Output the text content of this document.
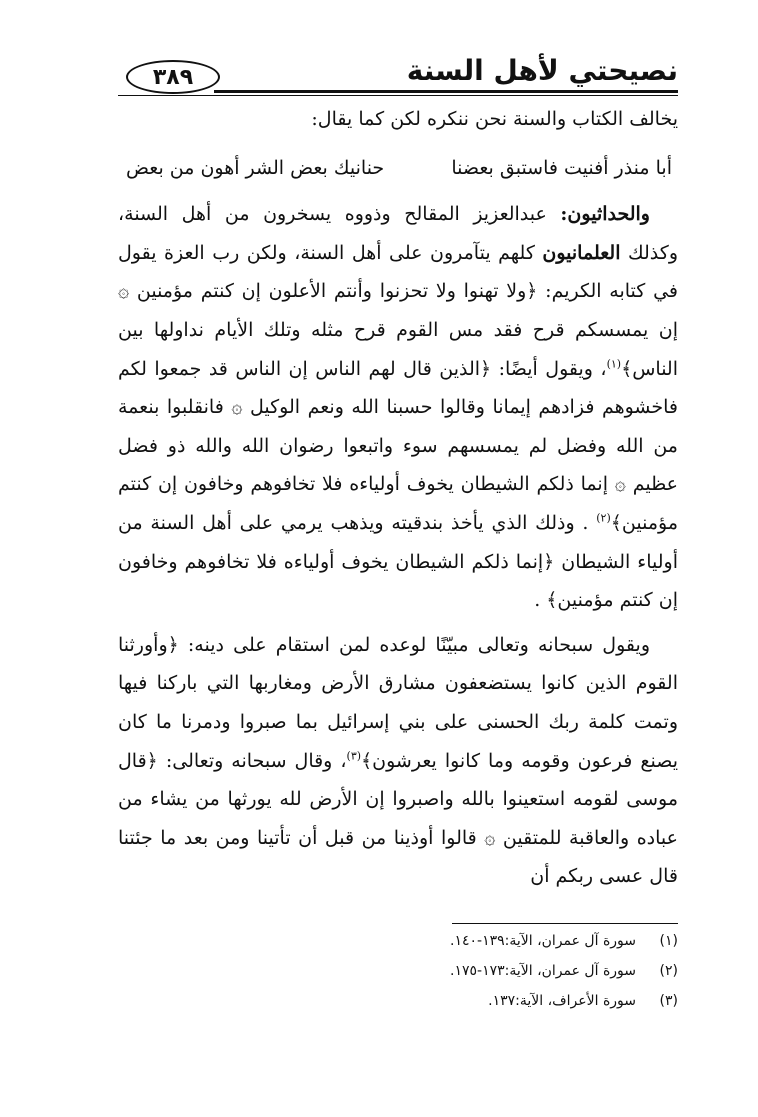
نصيحتي لأهل السنة
٣٨٩

يخالف الكتاب والسنة نحن ننكره لكن كما يقال:

أبا منذر أفنيت فاستبق بعضنا
حنانيك بعض الشر أهون من بعض

والحداثيون: عبدالعزيز المقالح وذووه يسخرون من أهل السنة، وكذلك العلمانيون كلهم يتآمرون على أهل السنة، ولكن رب العزة يقول في كتابه الكريم: ﴿ولا تهنوا ولا تحزنوا وأنتم الأعلون إن كنتم مؤمنين ۞ إن يمسسكم قرح فقد مس القوم قرح مثله وتلك الأيام نداولها بين الناس﴾$^{(١)}$، ويقول أيضًا: ﴿الذين قال لهم الناس إن الناس قد جمعوا لكم فاخشوهم فزادهم إيمانا وقالوا حسبنا الله ونعم الوكيل ۞ فانقلبوا بنعمة من الله وفضل لم يمسسهم سوء واتبعوا رضوان الله والله ذو فضل عظيم ۞ إنما ذلكم الشيطان يخوف أولياءه فلا تخافوهم وخافون إن كنتم مؤمنين﴾$^{(٢)}$ . وذلك الذي يأخذ بندقيته ويذهب يرمي على أهل السنة من أولياء الشيطان ﴿إنما ذلكم الشيطان يخوف أولياءه فلا تخافوهم وخافون إن كنتم مؤمنين﴾ .

ويقول سبحانه وتعالى مبيّنًا لوعده لمن استقام على دينه: ﴿وأورثنا القوم الذين كانوا يستضعفون مشارق الأرض ومغاربها التي باركنا فيها وتمت كلمة ربك الحسنى على بني إسرائيل بما صبروا ودمرنا ما كان يصنع فرعون وقومه وما كانوا يعرشون﴾$^{(٣)}$، وقال سبحانه وتعالى: ﴿قال موسى لقومه استعينوا بالله واصبروا إن الأرض لله يورثها من يشاء من عباده والعاقبة للمتقين ۞ قالوا أوذينا من قبل أن تأتينا ومن بعد ما جئتنا قال عسى ربكم أن

(١)
سورة آل عمران، الآية:١٣٩-١٤٠.
(٢)
سورة آل عمران، الآية:١٧٣-١٧٥.
(٣)
سورة الأعراف، الآية:١٣٧.
